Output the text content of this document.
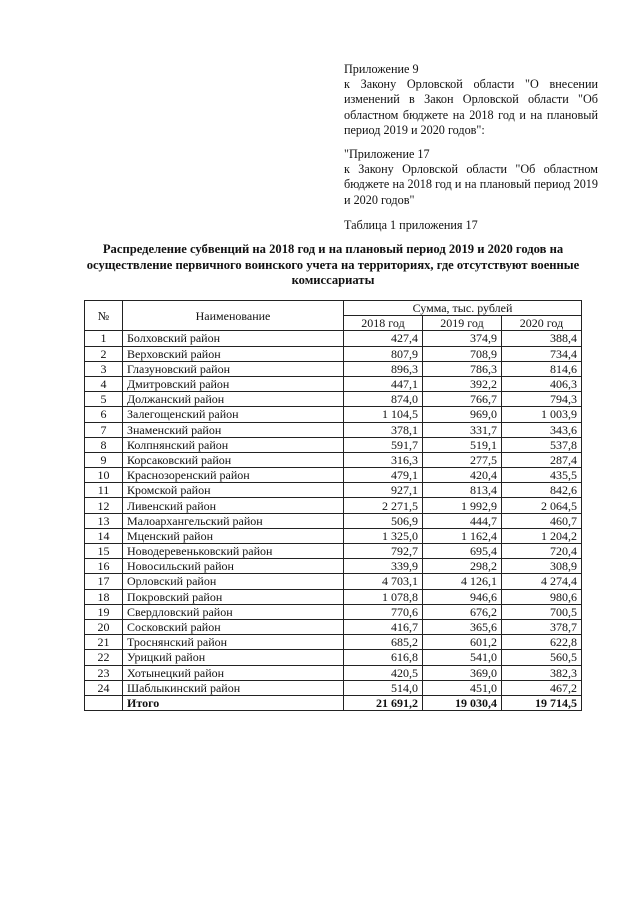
Приложение 9

к Закону Орловской области "О внесении изменений в Закон Орловской области "Об областном бюджете на 2018 год и на плановый период 2019 и 2020 годов":

"Приложение 17

к Закону Орловской области "Об областном бюджете на 2018 год и на плановый период 2019 и 2020 годов"

Таблица 1 приложения 17
Распределение субвенций на 2018 год и на плановый период 2019 и 2020 годов на осуществление первичного воинского учета на территориях, где отсутствуют военные комиссариаты
№	Наименование	Сумма, тыс. рублей		
		2018 год	2019 год	2020 год
1	Болховский район	427,4	374,9	388,4
2	Верховский район	807,9	708,9	734,4
3	Глазуновский район	896,3	786,3	814,6
4	Дмитровский район	447,1	392,2	406,3
5	Должанский район	874,0	766,7	794,3
6	Залегощенский район	1 104,5	969,0	1 003,9
7	Знаменский район	378,1	331,7	343,6
8	Колпнянский район	591,7	519,1	537,8
9	Корсаковский район	316,3	277,5	287,4
10	Краснозоренский район	479,1	420,4	435,5
11	Кромской район	927,1	813,4	842,6
12	Ливенский район	2 271,5	1 992,9	2 064,5
13	Малоархангельский район	506,9	444,7	460,7
14	Мценский район	1 325,0	1 162,4	1 204,2
15	Новодеревеньковский район	792,7	695,4	720,4
16	Новосильский район	339,9	298,2	308,9
17	Орловский район	4 703,1	4 126,1	4 274,4
18	Покровский район	1 078,8	946,6	980,6
19	Свердловский район	770,6	676,2	700,5
20	Сосковский район	416,7	365,6	378,7
21	Троснянский район	685,2	601,2	622,8
22	Урицкий район	616,8	541,0	560,5
23	Хотынецкий район	420,5	369,0	382,3
24	Шаблыкинский район	514,0	451,0	467,2
	Итого	21 691,2	19 030,4	19 714,5
